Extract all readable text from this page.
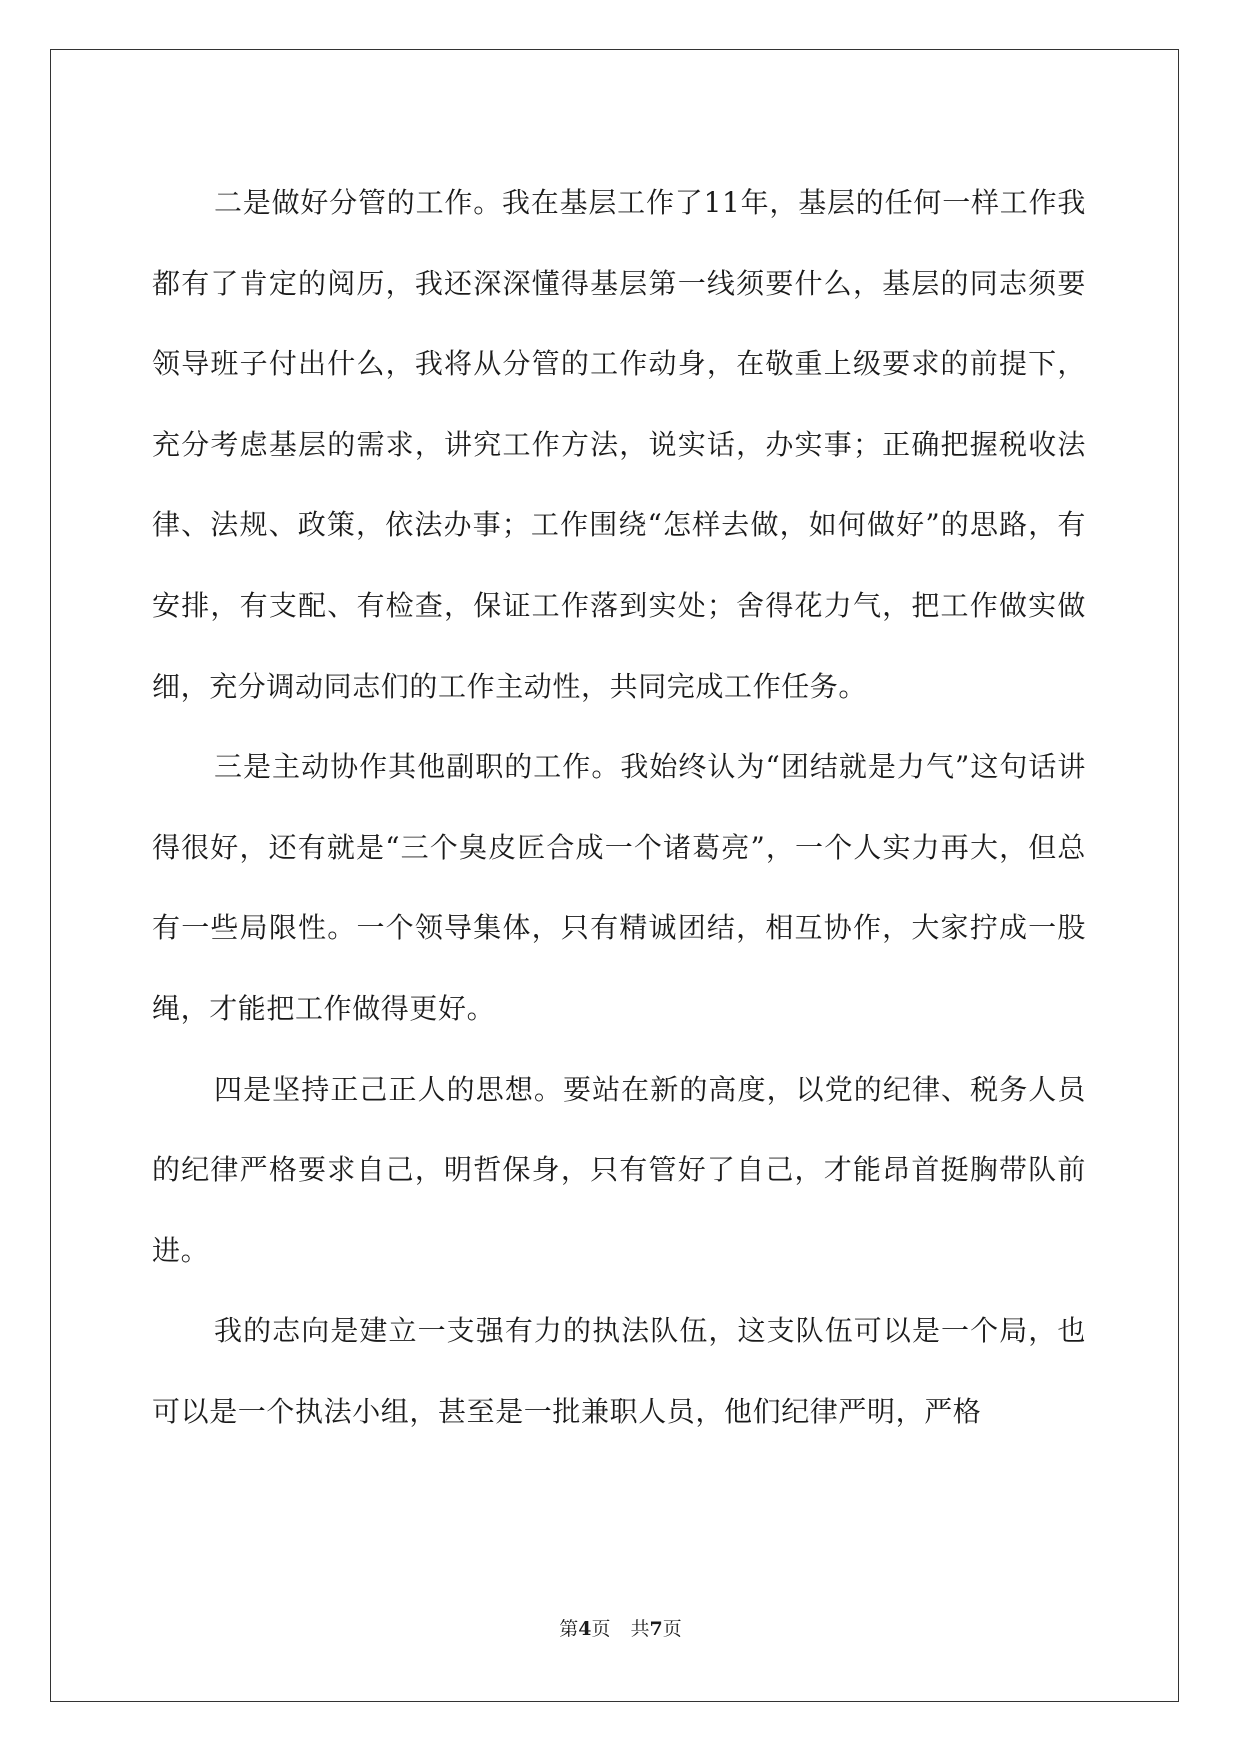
二是做好分管的工作。我在基层工作了11年，基层的任何一样工作我都有了肯定的阅历，我还深深懂得基层第一线须要什么，基层的同志须要领导班子付出什么，我将从分管的工作动身，在敬重上级要求的前提下，充分考虑基层的需求，讲究工作方法，说实话，办实事；正确把握税收法律、法规、政策，依法办事；工作围绕“怎样去做，如何做好”的思路，有安排，有支配、有检查，保证工作落到实处；舍得花力气，把工作做实做细，充分调动同志们的工作主动性，共同完成工作任务。

三是主动协作其他副职的工作。我始终认为“团结就是力气”这句话讲得很好，还有就是“三个臭皮匠合成一个诸葛亮”，一个人实力再大，但总有一些局限性。一个领导集体，只有精诚团结，相互协作，大家拧成一股绳，才能把工作做得更好。

四是坚持正己正人的思想。要站在新的高度，以党的纪律、税务人员的纪律严格要求自己，明哲保身，只有管好了自己，才能昂首挺胸带队前进。

我的志向是建立一支强有力的执法队伍，这支队伍可以是一个局，也可以是一个执法小组，甚至是一批兼职人员，他们纪律严明，严格

第4页 共7页
